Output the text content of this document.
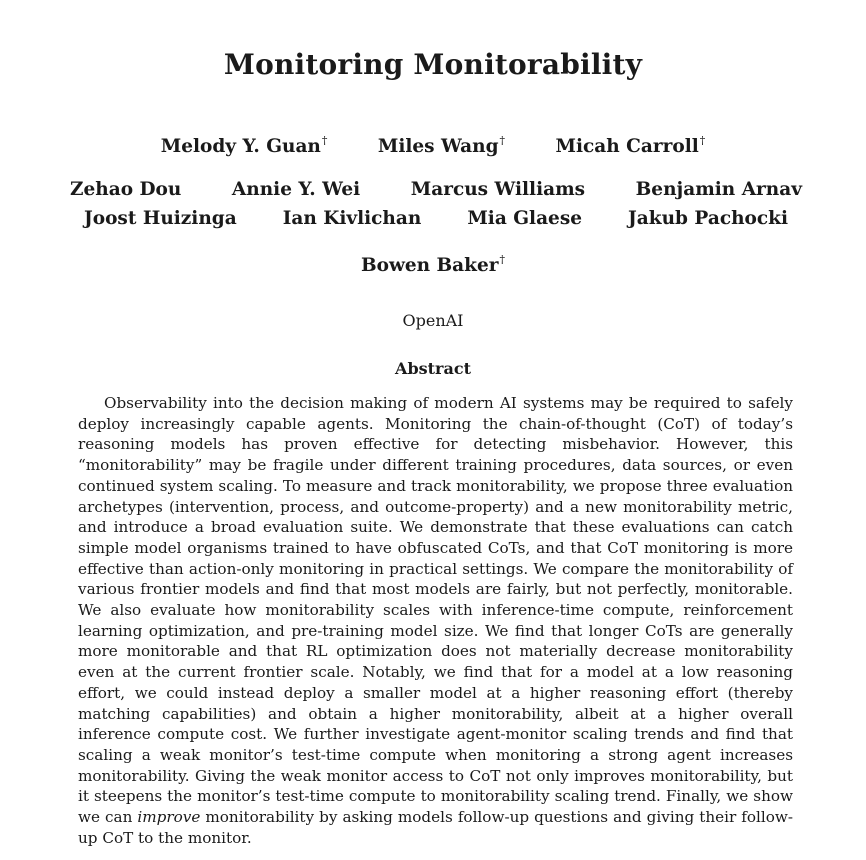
Monitoring Monitorability
Melody Y. Guan†	Miles Wang†	Micah Carroll†
Zehao Dou	Annie Y. Wei	Marcus Williams	Benjamin Arnav
Joost Huizinga Ian Kivlichan Mia Glaese Jakub Pachocki
Bowen Baker†
OpenAI
Abstract
Observability into the decision making of modern AI systems may be required to safely deploy increasingly capable agents. Monitoring the chain-of-thought (CoT) of today’s reasoning models has proven effective for detecting misbehavior. However, this “monitorability” may be fragile under different training procedures, data sources, or even continued system scaling. To measure and track monitorability, we propose three evaluation archetypes (intervention, process, and outcome-property) and a new monitorability metric, and introduce a broad evaluation suite. We demonstrate that these evaluations can catch simple model organisms trained to have obfuscated CoTs, and that CoT monitoring is more effective than action-only monitoring in practical settings. We compare the monitorability of various frontier models and find that most models are fairly, but not perfectly, monitorable. We also evaluate how monitorability scales with inference-time compute, reinforcement learning optimization, and pre-training model size. We find that longer CoTs are generally more monitorable and that RL optimization does not materially decrease monitorability even at the current frontier scale. Notably, we find that for a model at a low reasoning effort, we could instead deploy a smaller model at a higher reasoning effort (thereby matching capabilities) and obtain a higher monitorability, albeit at a higher overall inference compute cost. We further investigate agent-monitor scaling trends and find that scaling a weak monitor’s test-time compute when monitoring a strong agent increases monitorability. Giving the weak monitor access to CoT not only improves monitorability, but it steepens the monitor’s test-time compute to monitorability scaling trend. Finally, we show we can improve monitorability by asking models follow-up questions and giving their follow-up CoT to the monitor.
